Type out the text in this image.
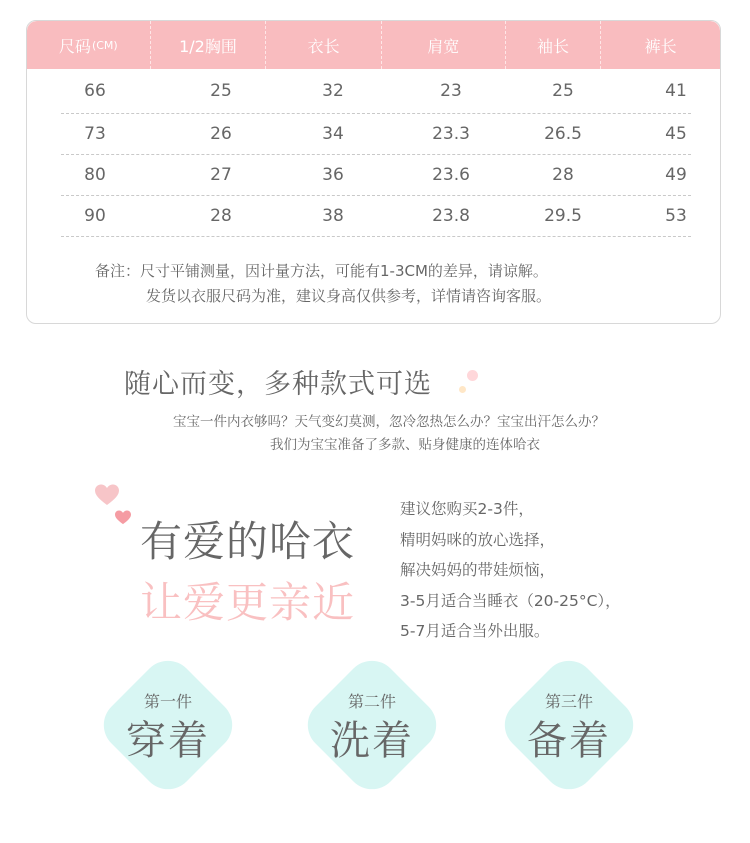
尺码 (CM)	1/2胸围	衣长	肩宽	袖长	裤长
66	25	32	23	25	41
73	26	34	23.3	26.5	45
80	27	36	23.6	28	49
90	28	38	23.8	29.5	53
备注：尺寸平铺测量，因计量方法，可能有1-3CM的差异，请谅解。
发货以衣服尺码为准，建议身高仅供参考，详情请咨询客服。
随心而变，多种款式可选
宝宝一件内衣够吗？天气变幻莫测，忽冷忽热怎么办？宝宝出汗怎么办？
我们为宝宝准备了多款、贴身健康的连体哈衣
有爱的哈衣
让爱更亲近
建议您购买2-3件，
精明妈咪的放心选择，
解决妈妈的带娃烦恼，
3-5月适合当睡衣（20-25°C），
5-7月适合当外出服。
第一件
穿着
第二件
洗着
第三件
备着
